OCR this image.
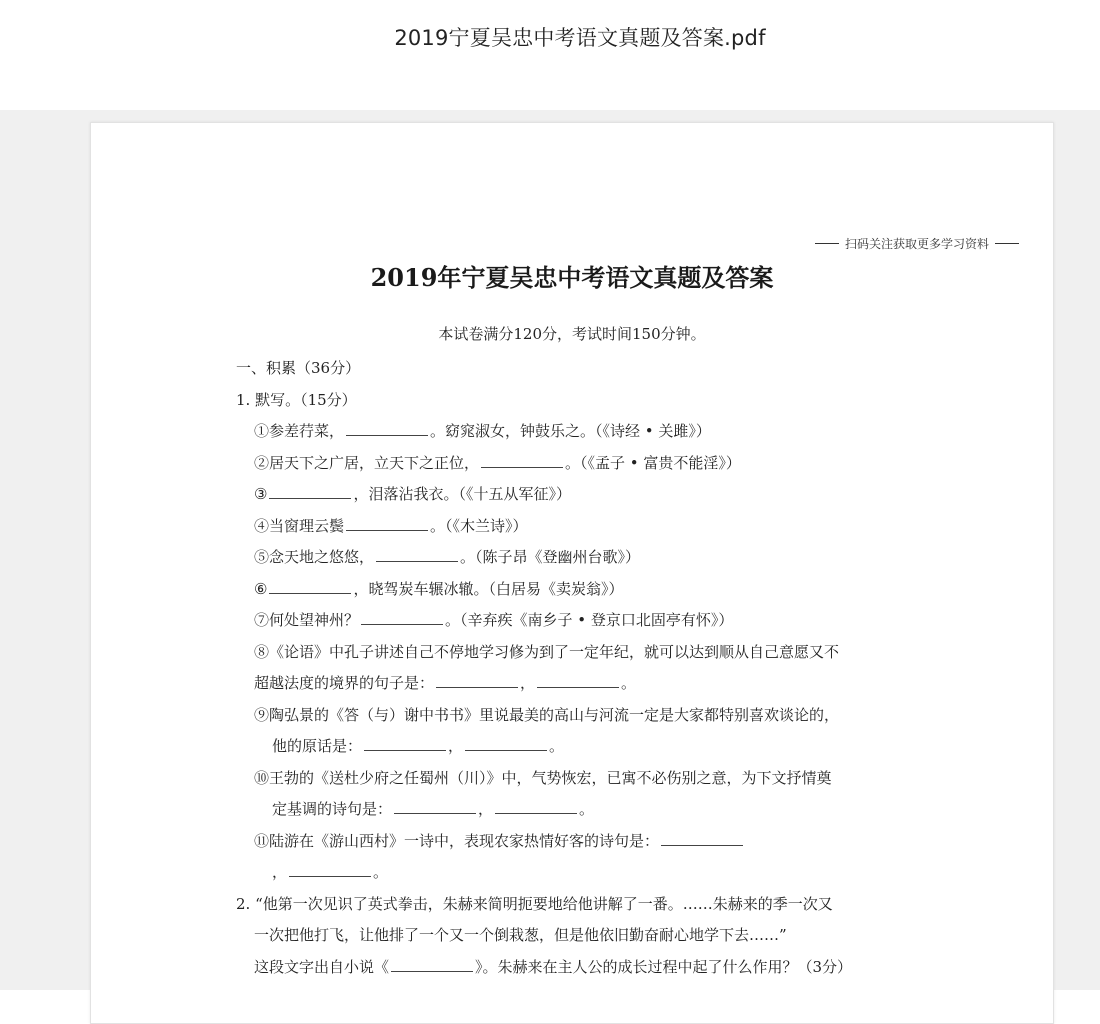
2019宁夏吴忠中考语文真题及答案.pdf
扫码关注获取更多学习资料
2019年宁夏吴忠中考语文真题及答案
本试卷满分120分，考试时间150分钟。
一、积累（36分）
1. 默写。（15分）
①参差荇菜，	。窈窕淑女，钟鼓乐之。（《诗经 • 关雎》）
②居天下之广居，立天下之正位，	。（《孟子 • 富贵不能淫》）
③	，泪落沾我衣。（《十五从军征》）
④当窗理云鬓	。（《木兰诗》）
⑤念天地之悠悠，	。（陈子昂《登幽州台歌》）
⑥	，晓驾炭车辗冰辙。（白居易《卖炭翁》）
⑦何处望神州？	。（辛弃疾《南乡子 • 登京口北固亭有怀》）
⑧《论语》中孔子讲述自己不停地学习修为到了一定年纪，就可以达到顺从自己意愿又不
超越法度的境界的句子是：	，	。
⑨陶弘景的《答（与）谢中书书》里说最美的高山与河流一定是大家都特别喜欢谈论的，
他的原话是：	，	。
⑩王勃的《送杜少府之任蜀州（川）》中，气势恢宏，已寓不必伤别之意，为下文抒情奠
定基调的诗句是：	，	。
⑪陆游在《游山西村》一诗中，表现农家热情好客的诗句是：
，	。
2. “他第一次见识了英式拳击，朱赫来简明扼要地给他讲解了一番。……朱赫来的季一次又
一次把他打飞，让他排了一个又一个倒栽葱，但是他依旧勤奋耐心地学下去……”
这段文字出自小说《	》。朱赫来在主人公的成长过程中起了什么作用？（3分）
